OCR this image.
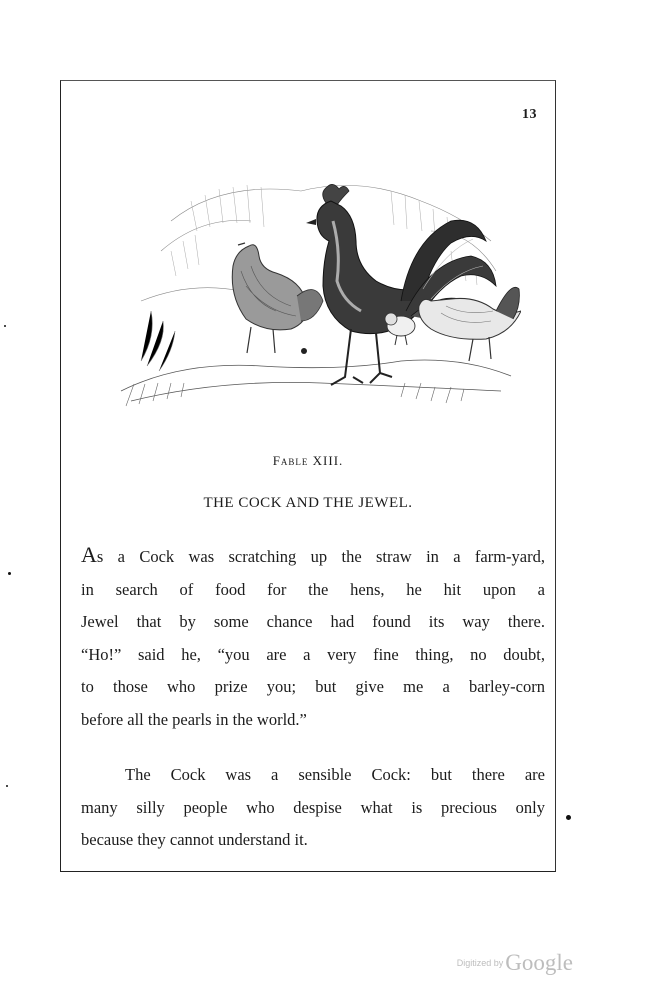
13
Fable XIII.
THE COCK AND THE JEWEL.
As a Cock was scratching up the straw in a farm-yard,
in search of food for the hens, he hit upon a
Jewel that by some chance had found its way there.
“Ho!” said he, “you are a very fine thing, no doubt,
to those who prize you; but give me a barley-corn
before all the pearls in the world.”
The Cock was a sensible Cock: but there are
many silly people who despise what is precious only
because they cannot understand it.
$^{Digitized by}$Google
